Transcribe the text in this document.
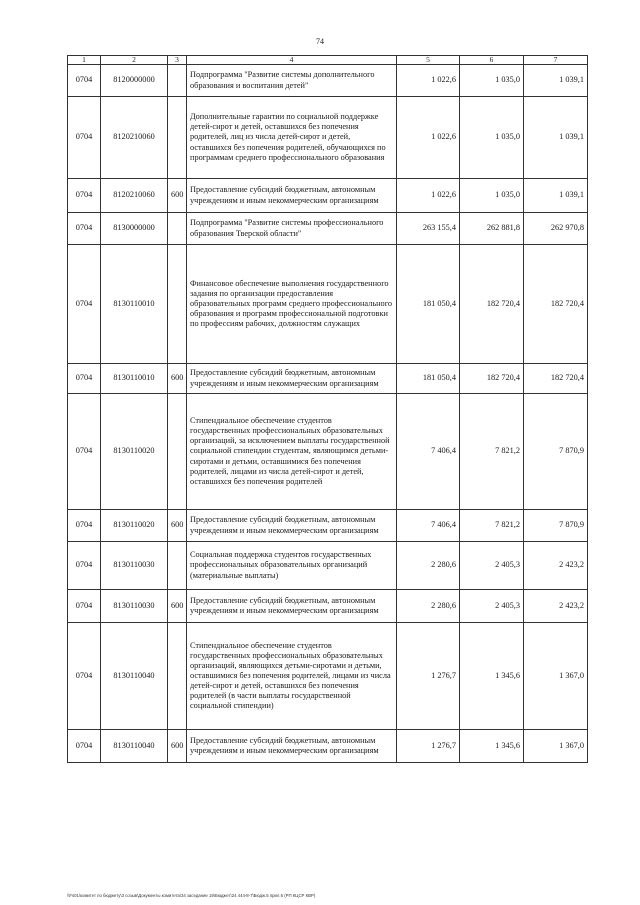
74
1	2	3	4	5	6	7
0704	8120000000		Подпрограмма "Развитие системы дополнительного образования и воспитания детей"	1 022,6	1 035,0	1 039,1
0704	8120210060		Дополнительные гарантии по социальной поддержке детей-сирот и детей, оставшихся без попечения родителей, лиц из числа детей-сирот и детей, оставшихся без попечения родителей, обучающихся по программам среднего профессионального образования	1 022,6	1 035,0	1 039,1
0704	8120210060	600	Предоставление субсидий бюджетным, автономным учреждениям и иным некоммерческим организациям	1 022,6	1 035,0	1 039,1
0704	8130000000		Подпрограмма "Развитие системы профессионального образования Тверской области"	263 155,4	262 881,8	262 970,8
0704	8130110010		Финансовое обеспечение выполнения государственного задания по организации предоставления образовательных программ среднего профессионального образования и программ профессиональной подготовки по профессиям рабочих, должностям служащих	181 050,4	182 720,4	182 720,4
0704	8130110010	600	Предоставление субсидий бюджетным, автономным учреждениям и иным некоммерческим организациям	181 050,4	182 720,4	182 720,4
0704	8130110020		Стипендиальное обеспечение студентов государственных профессиональных образовательных организаций, за исключением выплаты государственной социальной стипендии студентам, являющимся детьми-сиротами и детьми, оставшимися без попечения родителей, лицами из числа детей-сирот и детей, оставшихся без попечения родителей	7 406,4	7 821,2	7 870,9
0704	8130110020	600	Предоставление субсидий бюджетным, автономным учреждениям и иным некоммерческим организациям	7 406,4	7 821,2	7 870,9
0704	8130110030		Социальная поддержка студентов государственных профессиональных образовательных организаций (материальные выплаты)	2 280,6	2 405,3	2 423,2
0704	8130110030	600	Предоставление субсидий бюджетным, автономным учреждениям и иным некоммерческим организациям	2 280,6	2 405,3	2 423,2
0704	8130110040		Стипендиальное обеспечение студентов государственных профессиональных образовательных организаций, являющихся детьми-сиротами и детьми, оставшимися без попечения родителей, лицами из числа детей-сирот и детей, оставшихся без попечения родителей (в части выплаты государственной социальной стипендии)	1 276,7	1 345,6	1 367,0
0704	8130110040	600	Предоставление субсидий бюджетным, автономным учреждениям и иным некоммерческим организациям	1 276,7	1 345,6	1 367,0
\\Fs01\комитет по бюджету\3 созыв\Документы комитета\34 заседание 19\Бюджет\24 444-8-7\Бюдж.5 прил.6 (РП КЦСР КВР)
